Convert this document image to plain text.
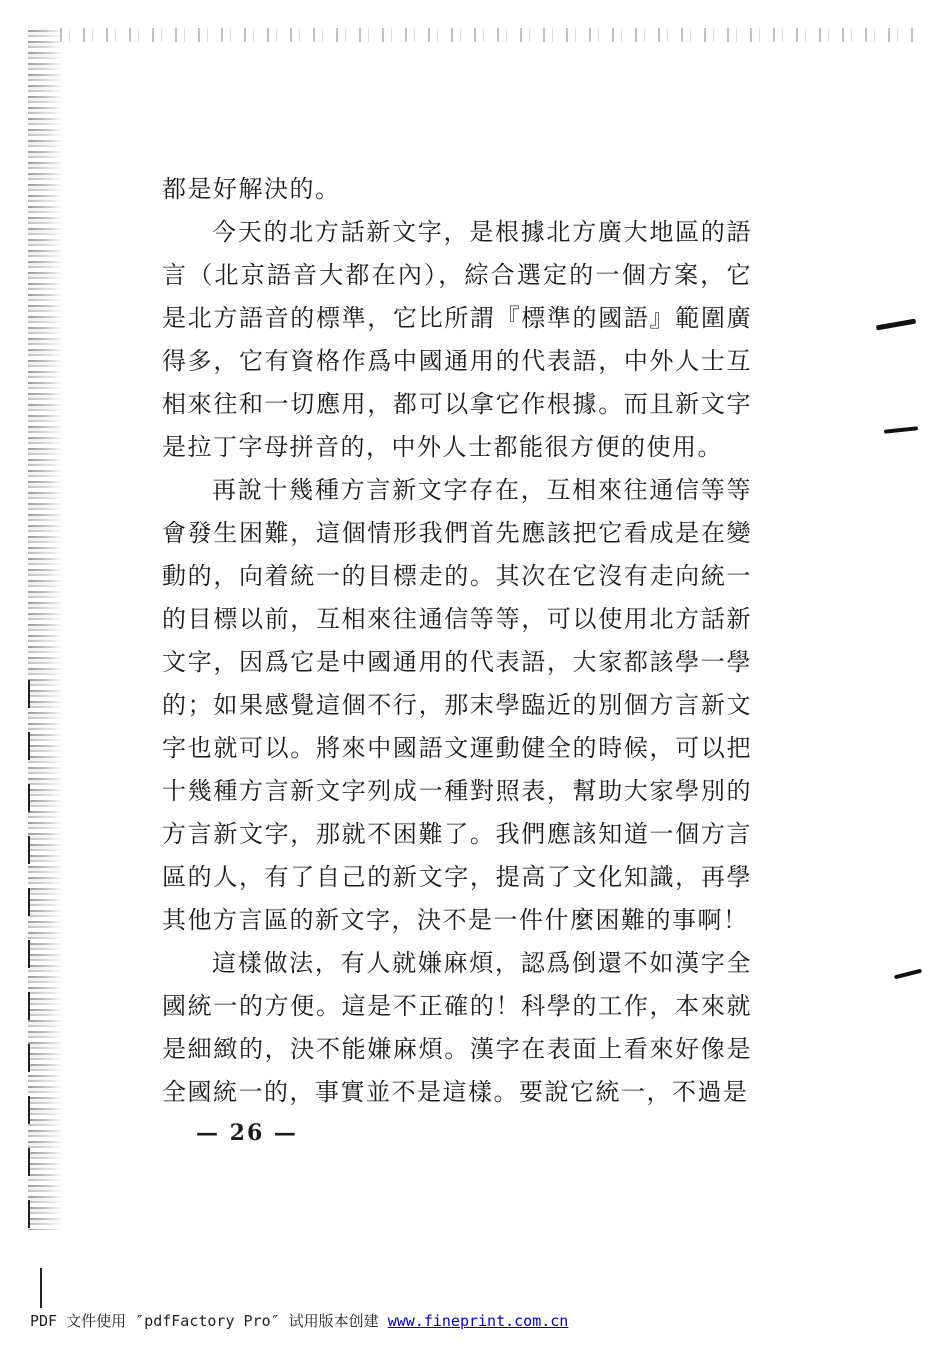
都是好解決的。

今天的北方話新文字，是根據北方廣大地區的語言（北京語音大都在內），綜合選定的一個方案，它是北方語音的標準，它比所謂『標準的國語』範圍廣得多，它有資格作爲中國通用的代表語，中外人士互相來往和一切應用，都可以拿它作根據。而且新文字是拉丁字母拼音的，中外人士都能很方便的使用。

再說十幾種方言新文字存在，互相來往通信等等會發生困難，這個情形我們首先應該把它看成是在變動的，向着統一的目標走的。其次在它沒有走向統一的目標以前，互相來往通信等等，可以使用北方話新文字，因爲它是中國通用的代表語，大家都該學一學的；如果感覺這個不行，那末學臨近的別個方言新文字也就可以。將來中國語文運動健全的時候，可以把十幾種方言新文字列成一種對照表，幫助大家學別的方言新文字，那就不困難了。我們應該知道一個方言區的人，有了自己的新文字，提高了文化知識，再學其他方言區的新文字，決不是一件什麼困難的事啊！

這樣做法，有人就嫌麻煩，認爲倒還不如漢字全國統一的方便。這是不正確的！科學的工作，本來就是細緻的，決不能嫌麻煩。漢字在表面上看來好像是全國統一的，事實並不是這樣。要說它統一，不過是

— 26 —
PDF 文件使用 ″pdfFactory Pro″ 试用版本创建 www.fineprint.com.cn
